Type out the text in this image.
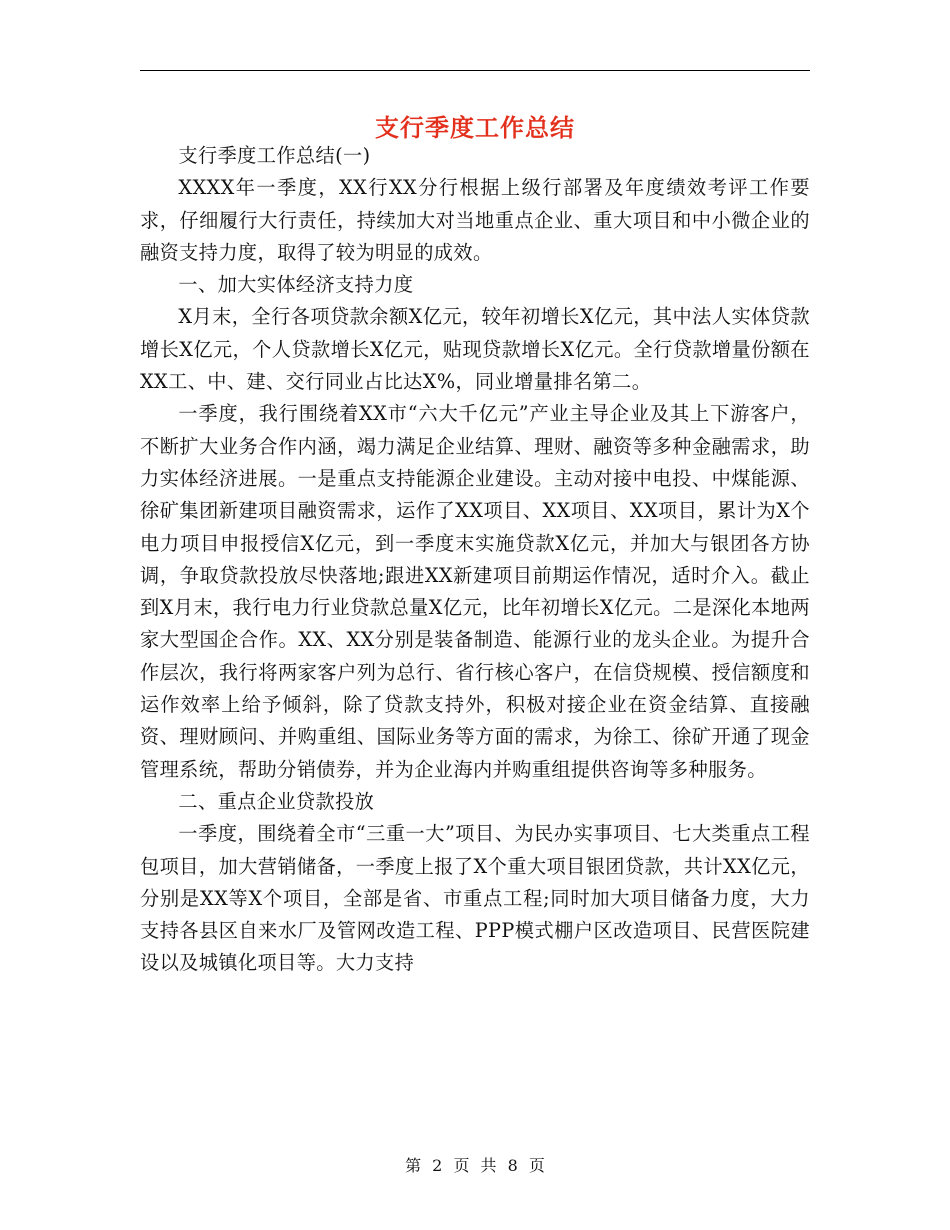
支行季度工作总结

支行季度工作总结(一)

XXXX年一季度，XX行XX分行根据上级行部署及年度绩效考评工作要求，仔细履行大行责任，持续加大对当地重点企业、重大项目和中小微企业的融资支持力度，取得了较为明显的成效。

一、加大实体经济支持力度

X月末，全行各项贷款余额X亿元，较年初增长X亿元，其中法人实体贷款增长X亿元，个人贷款增长X亿元，贴现贷款增长X亿元。全行贷款增量份额在XX工、中、建、交行同业占比达X%，同业增量排名第二。

一季度，我行围绕着XX市“六大千亿元”产业主导企业及其上下游客户，不断扩大业务合作内涵，竭力满足企业结算、理财、融资等多种金融需求，助力实体经济进展。一是重点支持能源企业建设。主动对接中电投、中煤能源、徐矿集团新建项目融资需求，运作了XX项目、XX项目、XX项目，累计为X个电力项目申报授信X亿元，到一季度末实施贷款X亿元，并加大与银团各方协调，争取贷款投放尽快落地;跟进XX新建项目前期运作情况，适时介入。截止到X月末，我行电力行业贷款总量X亿元，比年初增长X亿元。二是深化本地两家大型国企合作。XX、XX分别是装备制造、能源行业的龙头企业。为提升合作层次，我行将两家客户列为总行、省行核心客户，在信贷规模、授信额度和运作效率上给予倾斜，除了贷款支持外，积极对接企业在资金结算、直接融资、理财顾问、并购重组、国际业务等方面的需求，为徐工、徐矿开通了现金管理系统，帮助分销债券，并为企业海内并购重组提供咨询等多种服务。

二、重点企业贷款投放

一季度，围绕着全市“三重一大”项目、为民办实事项目、七大类重点工程包项目，加大营销储备，一季度上报了X个重大项目银团贷款，共计XX亿元，分别是XX等X个项目，全部是省、市重点工程;同时加大项目储备力度，大力支持各县区自来水厂及管网改造工程、PPP模式棚户区改造项目、民营医院建设以及城镇化项目等。大力支持

第 2 页 共 8 页
